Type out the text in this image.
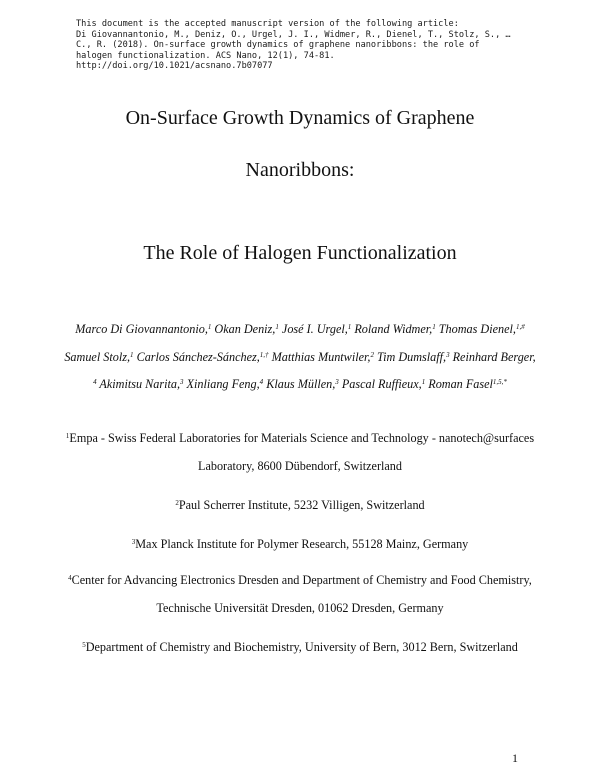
This document is the accepted manuscript version of the following article:
Di Giovannantonio, M., Deniz, O., Urgel, J. I., Widmer, R., Dienel, T., Stolz, S., …
C., R. (2018). On-surface growth dynamics of graphene nanoribbons: the role of
halogen functionalization. ACS Nano, 12(1), 74-81.
http://doi.org/10.1021/acsnano.7b07077
On-Surface Growth Dynamics of Graphene
Nanoribbons:
The Role of Halogen Functionalization
Marco Di Giovannantonio,$^1$ Okan Deniz,$^1$ José I. Urgel,$^1$ Roland Widmer,$^1$ Thomas Dienel,$^{1,\#}$
Samuel Stolz,$^1$ Carlos Sánchez-Sánchez,$^{1,\dagger}$ Matthias Muntwiler,$^2$ Tim Dumslaff,$^3$ Reinhard Berger,
$^4$ Akimitsu Narita,$^3$ Xinliang Feng,$^4$ Klaus Müllen,$^3$ Pascal Ruffieux,$^1$ Roman Fasel$^{1,5,*}$
$^1$Empa - Swiss Federal Laboratories for Materials Science and Technology - nanotech@surfaces
Laboratory, 8600 Dübendorf, Switzerland
$^2$Paul Scherrer Institute, 5232 Villigen, Switzerland
$^3$Max Planck Institute for Polymer Research, 55128 Mainz, Germany
$^4$Center for Advancing Electronics Dresden and Department of Chemistry and Food Chemistry,
Technische Universität Dresden, 01062 Dresden, Germany
$^5$Department of Chemistry and Biochemistry, University of Bern, 3012 Bern, Switzerland
1
